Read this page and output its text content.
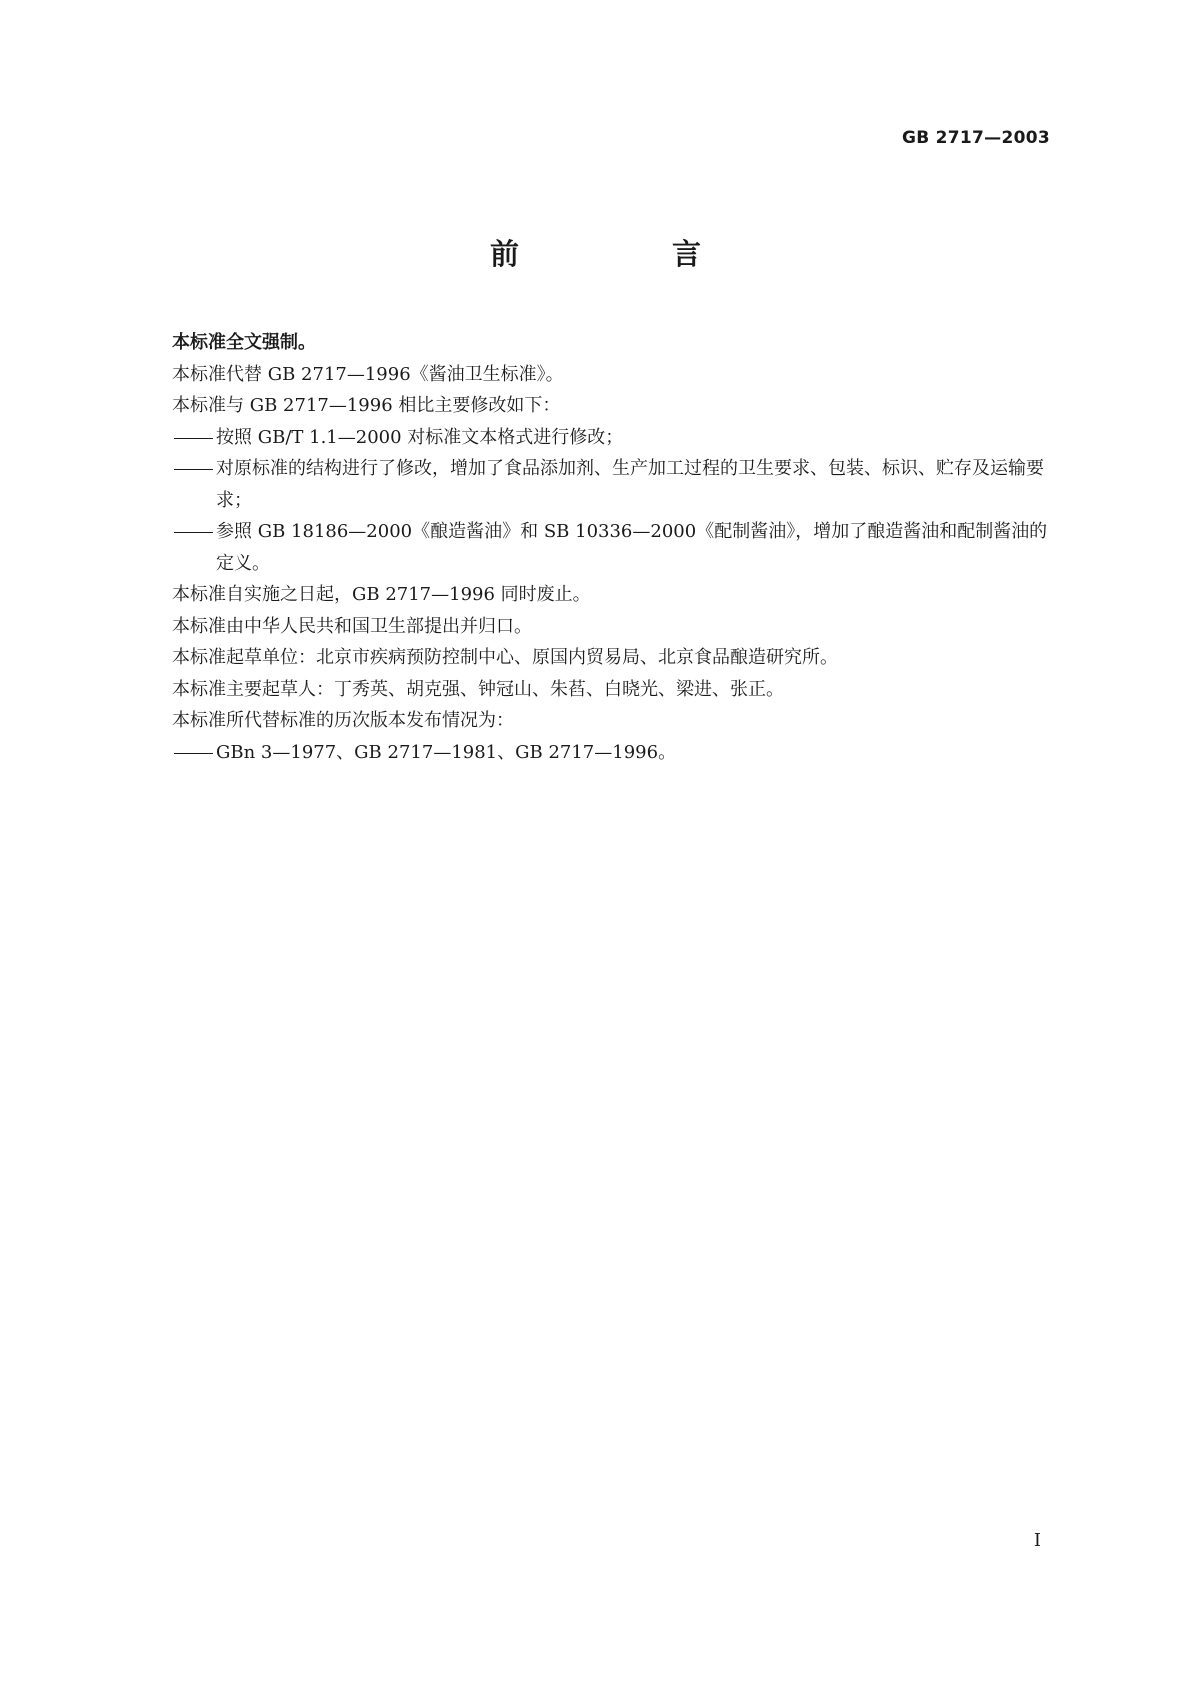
GB 2717—2003
前　言

本标准全文强制。

本标准代替 GB 2717—1996《酱油卫生标准》。

本标准与 GB 2717—1996 相比主要修改如下：

按照 GB/T 1.1—2000 对标准文本格式进行修改；
对原标准的结构进行了修改，增加了食品添加剂、生产加工过程的卫生要求、包装、标识、贮存及运输要求；
参照 GB 18186—2000《酿造酱油》和 SB 10336—2000《配制酱油》，增加了酿造酱油和配制酱油的定义。

本标准自实施之日起，GB 2717—1996 同时废止。

本标准由中华人民共和国卫生部提出并归口。

本标准起草单位：北京市疾病预防控制中心、原国内贸易局、北京食品酿造研究所。

本标准主要起草人：丁秀英、胡克强、钟冠山、朱萏、白晓光、梁进、张正。

本标准所代替标准的历次版本发布情况为：

GBn 3—1977、GB 2717—1981、GB 2717—1996。
I
